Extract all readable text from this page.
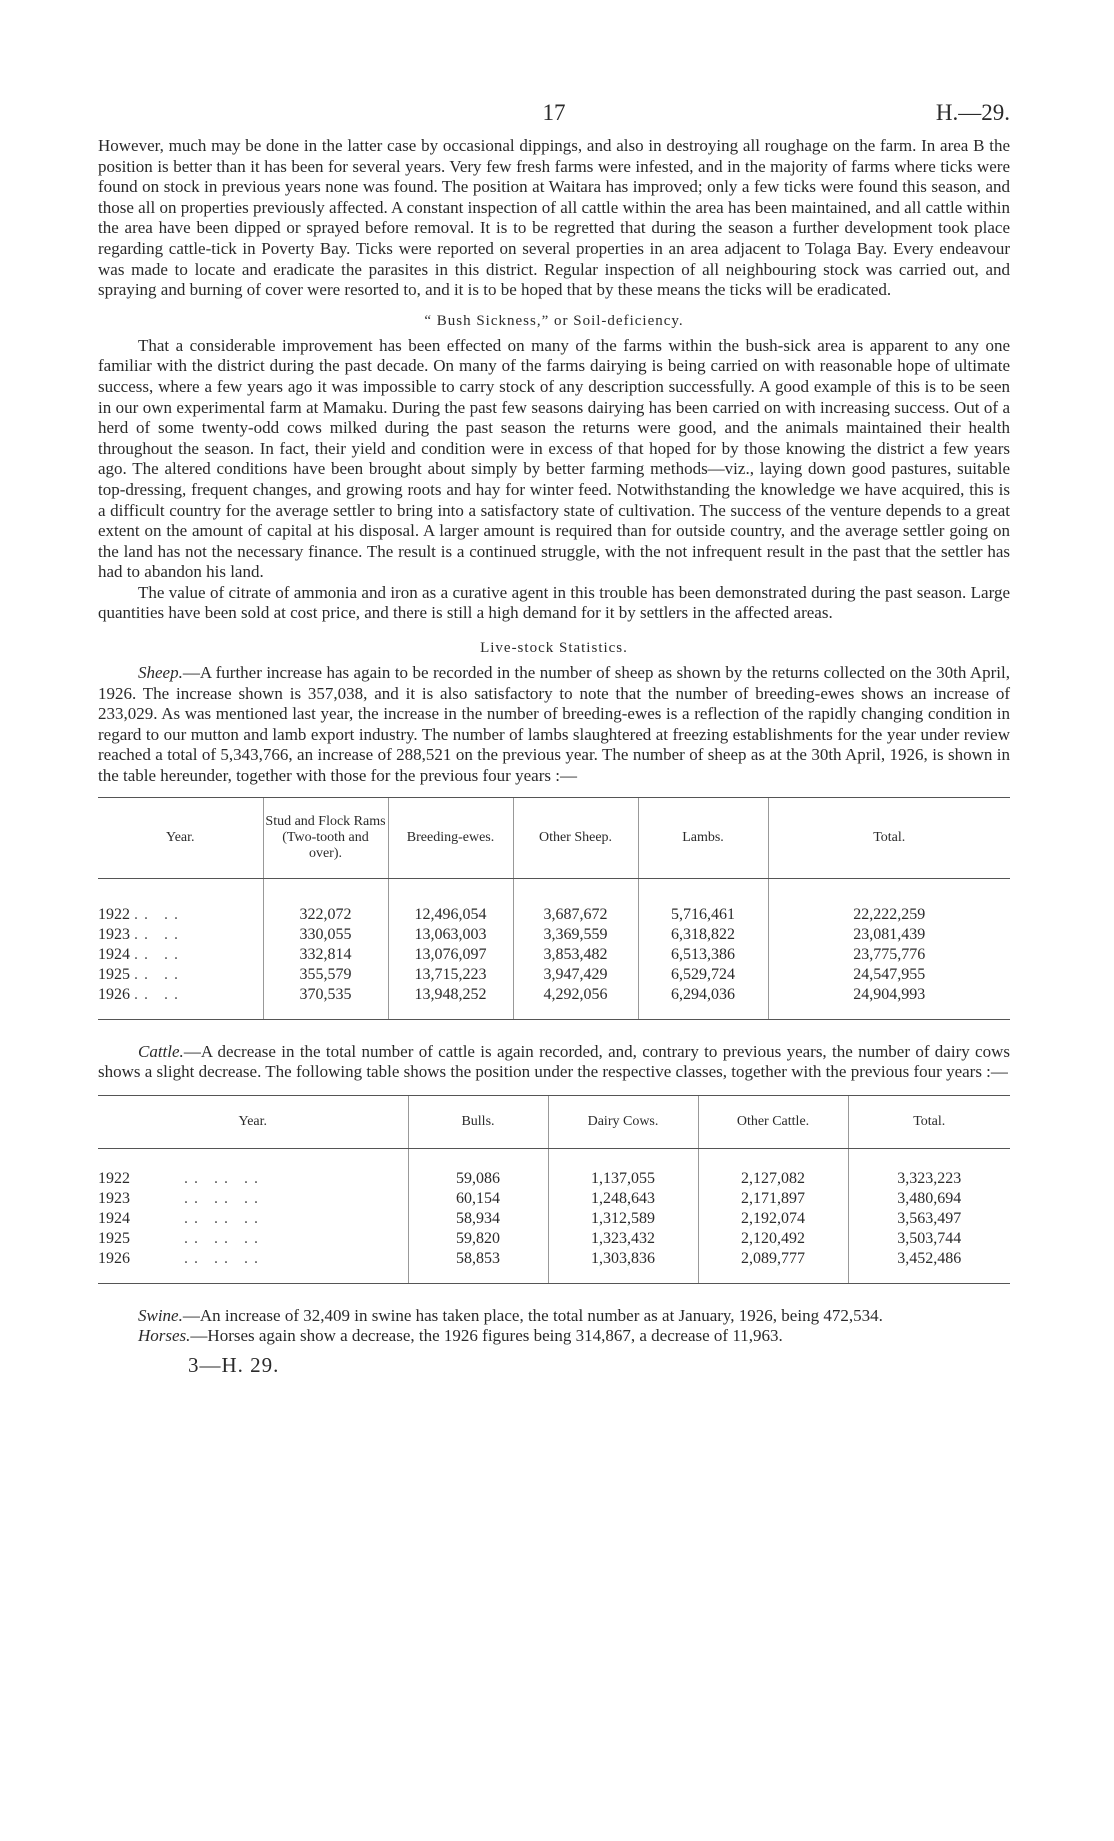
17	H.—29.

However, much may be done in the latter case by occasional dippings, and also in destroying all roughage on the farm. In area B the position is better than it has been for several years. Very few fresh farms were infested, and in the majority of farms where ticks were found on stock in previous years none was found. The position at Waitara has improved; only a few ticks were found this season, and those all on properties previously affected. A constant inspection of all cattle within the area has been maintained, and all cattle within the area have been dipped or sprayed before removal. It is to be regretted that during the season a further development took place regarding cattle-tick in Poverty Bay. Ticks were reported on several properties in an area adjacent to Tolaga Bay. Every endeavour was made to locate and eradicate the parasites in this district. Regular inspection of all neighbouring stock was carried out, and spraying and burning of cover were resorted to, and it is to be hoped that by these means the ticks will be eradicated.

“ Bush Sickness,” or Soil-deficiency.

That a considerable improvement has been effected on many of the farms within the bush-sick area is apparent to any one familiar with the district during the past decade. On many of the farms dairying is being carried on with reasonable hope of ultimate success, where a few years ago it was impossible to carry stock of any description successfully. A good example of this is to be seen in our own experimental farm at Mamaku. During the past few seasons dairying has been carried on with increasing success. Out of a herd of some twenty-odd cows milked during the past season the returns were good, and the animals maintained their health throughout the season. In fact, their yield and condition were in excess of that hoped for by those knowing the district a few years ago. The altered conditions have been brought about simply by better farming methods—viz., laying down good pastures, suitable top-dressing, frequent changes, and growing roots and hay for winter feed. Notwithstanding the knowledge we have acquired, this is a difficult country for the average settler to bring into a satisfactory state of cultivation. The success of the venture depends to a great extent on the amount of capital at his disposal. A larger amount is required than for outside country, and the average settler going on the land has not the necessary finance. The result is a continued struggle, with the not infrequent result in the past that the settler has had to abandon his land.

The value of citrate of ammonia and iron as a curative agent in this trouble has been demonstrated during the past season. Large quantities have been sold at cost price, and there is still a high demand for it by settlers in the affected areas.

Live-stock Statistics.

Sheep.—A further increase has again to be recorded in the number of sheep as shown by the returns collected on the 30th April, 1926. The increase shown is 357,038, and it is also satisfactory to note that the number of breeding-ewes shows an increase of 233,029. As was mentioned last year, the increase in the number of breeding-ewes is a reflection of the rapidly changing condition in regard to our mutton and lamb export industry. The number of lambs slaughtered at freezing establishments for the year under review reached a total of 5,343,766, an increase of 288,521 on the previous year. The number of sheep as at the 30th April, 1926, is shown in the table hereunder, together with those for the previous four years :—

Year.	Stud and Flock Rams (Two-tooth and over).	Breeding-ewes.	Other Sheep.	Lambs.	Total.

1922 .. ..	322,072	12,496,054	3,687,672	5,716,461	22,222,259
1923 .. ..	330,055	13,063,003	3,369,559	6,318,822	23,081,439
1924 .. ..	332,814	13,076,097	3,853,482	6,513,386	23,775,776
1925 .. ..	355,579	13,715,223	3,947,429	6,529,724	24,547,955
1926 .. ..	370,535	13,948,252	4,292,056	6,294,036	24,904,993

Cattle.—A decrease in the total number of cattle is again recorded, and, contrary to previous years, the number of dairy cows shows a slight decrease. The following table shows the position under the respective classes, together with the previous four years :—

Year.	Bulls.	Dairy Cows.	Other Cattle.	Total.

1922 .. .. ..	59,086	1,137,055	2,127,082	3,323,223
1923 .. .. ..	60,154	1,248,643	2,171,897	3,480,694
1924 .. .. ..	58,934	1,312,589	2,192,074	3,563,497
1925 .. .. ..	59,820	1,323,432	2,120,492	3,503,744
1926 .. .. ..	58,853	1,303,836	2,089,777	3,452,486

Swine.—An increase of 32,409 in swine has taken place, the total number as at January, 1926, being 472,534.

Horses.—Horses again show a decrease, the 1926 figures being 314,867, a decrease of 11,963.

3—H. 29.
